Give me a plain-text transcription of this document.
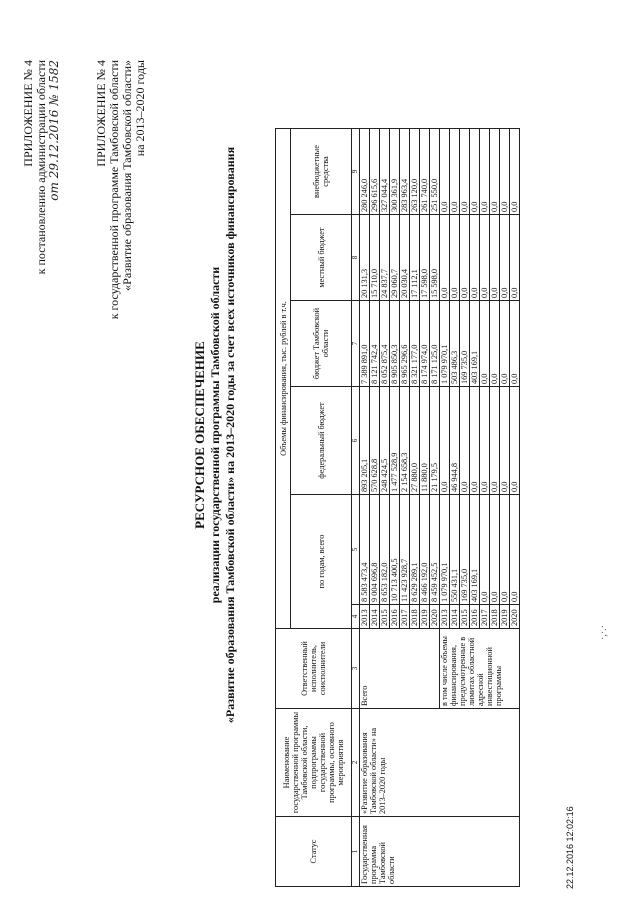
ПРИЛОЖЕНИЕ № 4 к постановлению администрации области от 29.12.2016 № 1582	ПРИЛОЖЕНИЕ № 4 к государственной программе Тамбовской области «Развитие образования Тамбовской области» на 2013–2020 годы
РЕСУРСНОЕ ОБЕСПЕЧЕНИЕ реализации государственной программы Тамбовской области «Развитие образования Тамбовской области» на 2013–2020 годы за счет всех источников финансирования
Статус	Наименование государственной программы Тамбовской области, подпрограммы государственной программы, основного мероприятия	Ответственный исполнитель, соисполнители	Объемы финансирования, тыс. рублей в т.ч.					
			по годам, всего		федеральный бюджет	бюджет Тамбовской области	местный бюджет	внебюджетные средства
1	2	3	4	5	6	7	8	9
Государственная программа Тамбовской области	«Развитие образования Тамбовской области» на 2013–2020 годы	Всего	2013	8 583 473,4	893 205,1	7 389 891,0	20 131,3	280 246,0
			2014	9 004 696,8	570 628,8	8 121 742,4	15 710,0	296 615,6
			2015	8 653 182,0	248 424,5	8 052 875,4	24 837,7	327 044,4
			2016	10 713 400,5	1 477 528,9	8 905 850,3	29 060,7	300 361,9
			2017	11 423 928,7	2 154 658,3	8 965 296,6	20 030,4	283 963,4
			2018	8 629 289,1	27 880,0	8 321 177,0	17 112,1	263 120,0
			2019	8 466 192,0	11 880,0	8 174 974,0	17 598,0	261 740,0
			2020	8 459 452,5	21 179,5	8 171 125,0	15 598,0	251 550,0
		в том числе объемы финансирования, предусмотренные в лимитах областной адресной инвестиционной программы	2013	1 079 970,1	0,0	1 079 970,1	0,0	0,0
			2014	550 431,1	46 944,8	503 486,3	0,0	0,0
			2015	169 735,0	0,0	169 735,0	0,0	0,0
			2016	403 169,1	0,0	403 169,1	0,0	0,0
			2017	0,0	0,0	0,0	0,0	0,0
			2018	0,0	0,0	0,0	0,0	0,0
			2019	0,0	0,0	0,0	0,0	0,0
			2020	0,0	0,0	0,0	0,0	0,0
22.12.2016 12:02:16
·,·.·
